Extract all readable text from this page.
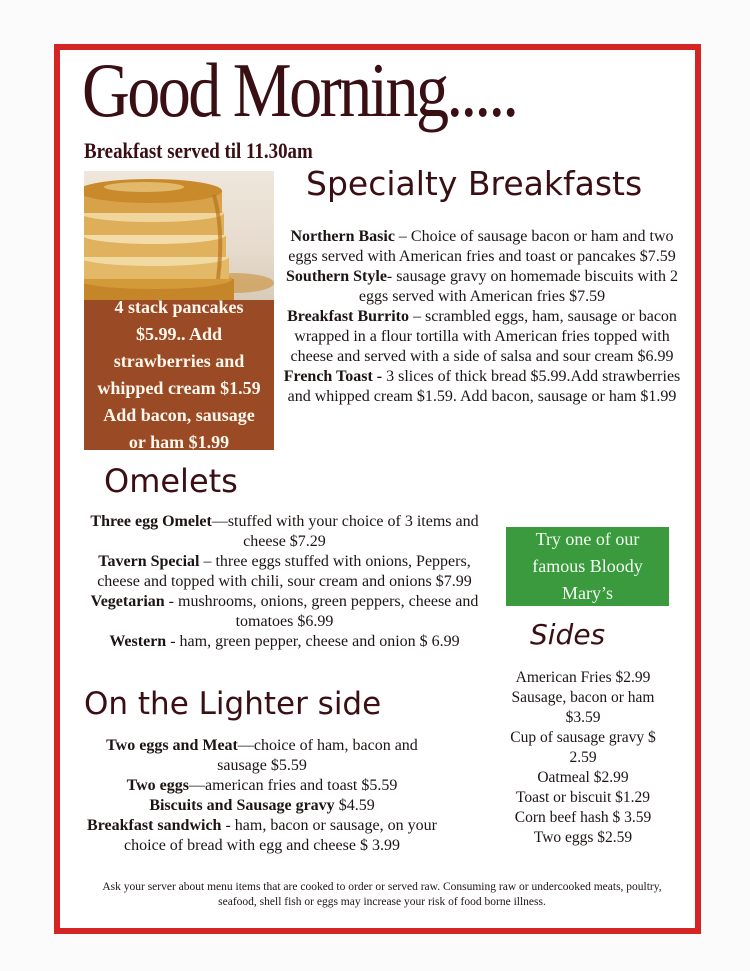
Good Morning.....
Breakfast served til 11.30am

4 stack pancakes

$5.99.. Add

strawberries and

whipped cream $1.59

Add bacon, sausage

or ham $1.99

Specialty Breakfasts

Northern Basic – Choice of sausage bacon or ham and two eggs served with American fries and toast or pancakes $7.59

Southern Style- sausage gravy on homemade biscuits with 2 eggs served with American fries $7.59

Breakfast Burrito – scrambled eggs, ham, sausage or bacon wrapped in a flour tortilla with American fries topped with cheese and served with a side of salsa and sour cream $6.99

French Toast - 3 slices of thick bread $5.99.Add strawberries and whipped cream $1.59. Add bacon, sausage or ham $1.99

Omelets

Three egg Omelet—stuffed with your choice of 3 items and cheese $7.29

Tavern Special – three eggs stuffed with onions, Peppers, cheese and topped with chili, sour cream and onions $7.99

Vegetarian - mushrooms, onions, green peppers, cheese and tomatoes $6.99

Western - ham, green pepper, cheese and onion $ 6.99

Try one of our

famous Bloody

Mary’s

Sides

American Fries $2.99

Sausage, bacon or ham $3.59

Cup of sausage gravy $ 2.59

Oatmeal $2.99

Toast or biscuit $1.29

Corn beef hash $ 3.59

Two eggs $2.59

On the Lighter side

Two eggs and Meat—choice of ham, bacon and sausage $5.59

Two eggs—american fries and toast $5.59

Biscuits and Sausage gravy $4.59

Breakfast sandwich - ham, bacon or sausage, on your choice of bread with egg and cheese $ 3.99

Ask your server about menu items that are cooked to order or served raw. Consuming raw or undercooked meats, poultry, seafood, shell fish or eggs may increase your risk of food borne illness.
